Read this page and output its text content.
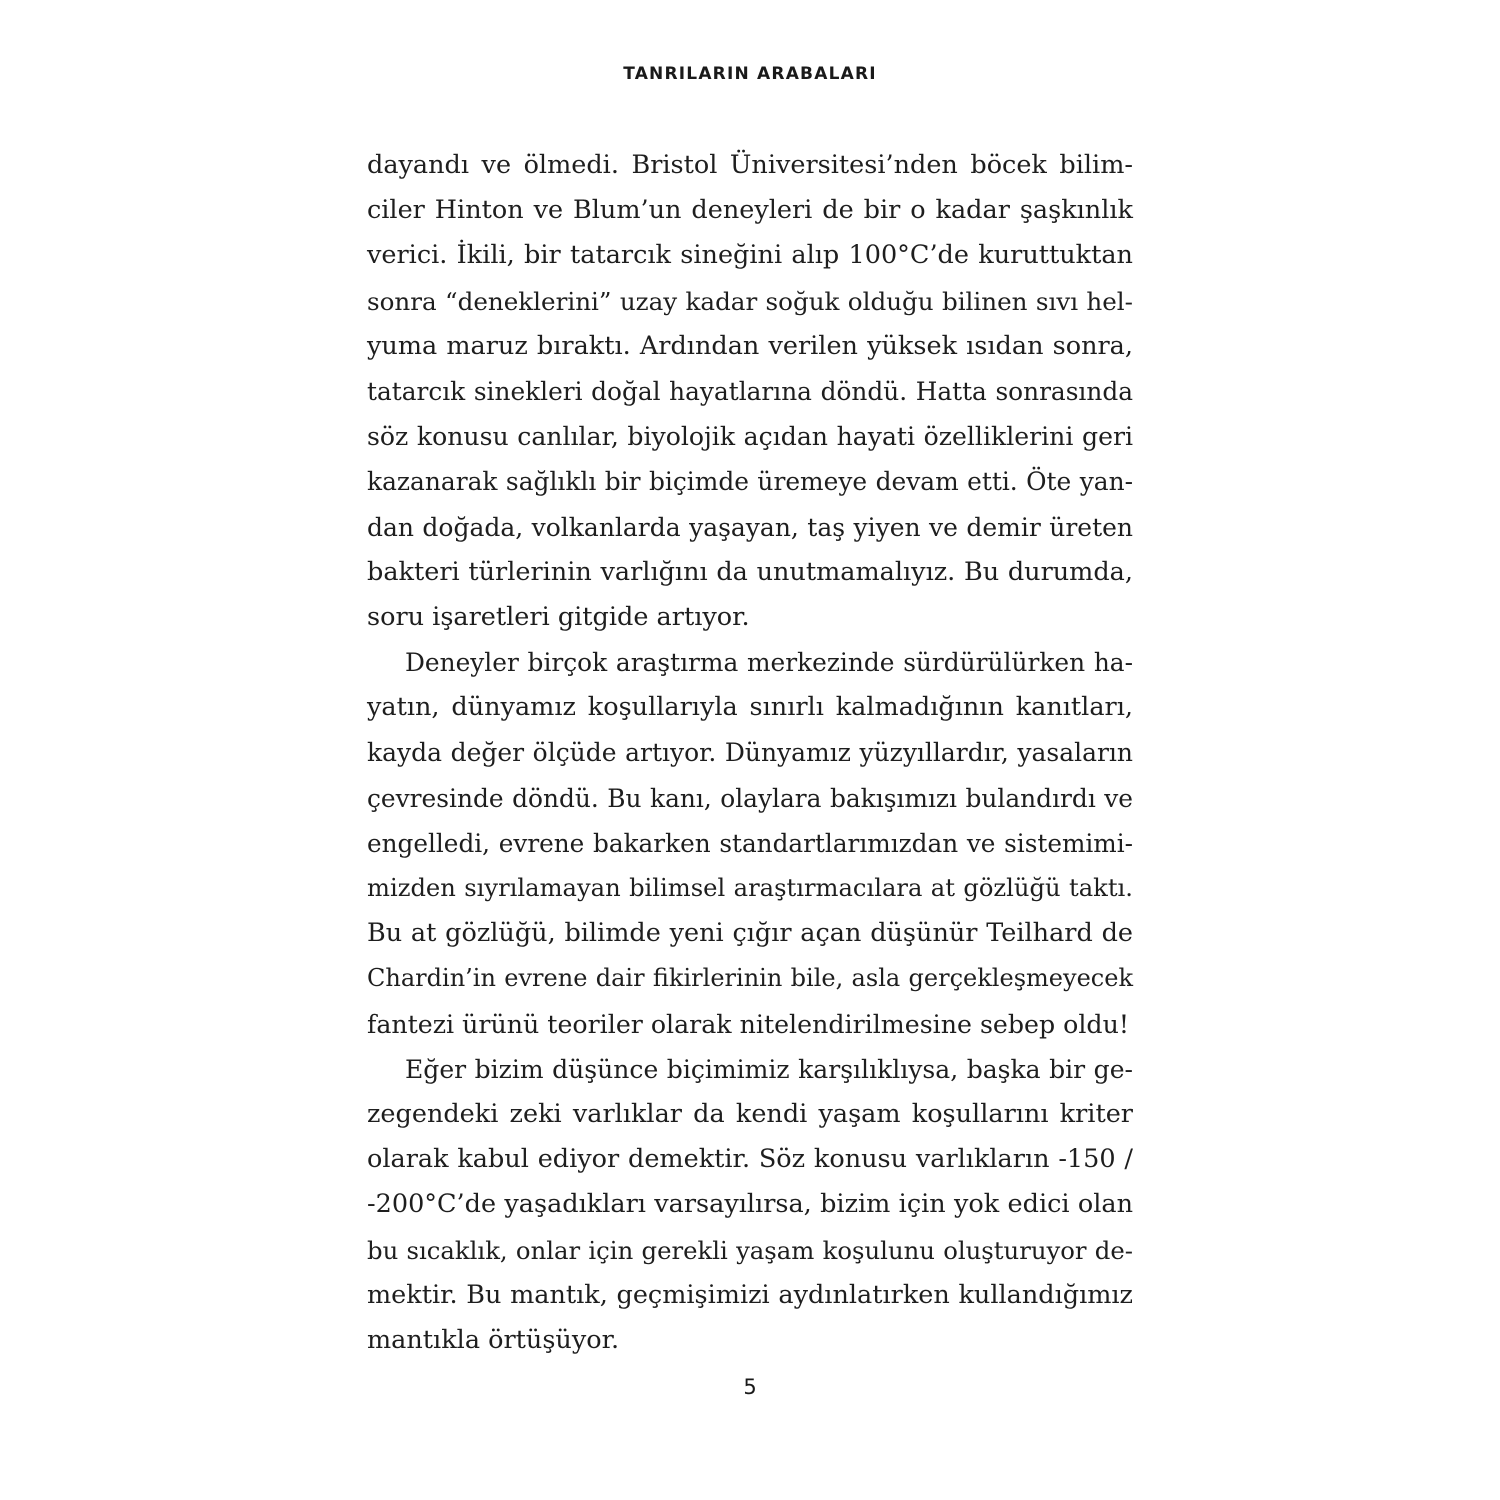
TANRILARIN ARABALARI
dayandı ve ölmedi. Bristol Üniversitesi’nden böcek bilim-
ciler Hinton ve Blum’un deneyleri de bir o kadar şaşkınlık
verici. İkili, bir tatarcık sineğini alıp 100°C’de kuruttuktan
sonra “deneklerini” uzay kadar soğuk olduğu bilinen sıvı hel-
yuma maruz bıraktı. Ardından verilen yüksek ısıdan sonra,
tatarcık sinekleri doğal hayatlarına döndü. Hatta sonrasında
söz konusu canlılar, biyolojik açıdan hayati özelliklerini geri
kazanarak sağlıklı bir biçimde üremeye devam etti. Öte yan-
dan doğada, volkanlarda yaşayan, taş yiyen ve demir üreten
bakteri türlerinin varlığını da unutmamalıyız. Bu durumda,
soru işaretleri gitgide artıyor.
Deneyler birçok araştırma merkezinde sürdürülürken ha-
yatın, dünyamız koşullarıyla sınırlı kalmadığının kanıtları,
kayda değer ölçüde artıyor. Dünyamız yüzyıllardır, yasaların
çevresinde döndü. Bu kanı, olaylara bakışımızı bulandırdı ve
engelledi, evrene bakarken standartlarımızdan ve sistemimi-
mizden sıyrılamayan bilimsel araştırmacılara at gözlüğü taktı.
Bu at gözlüğü, bilimde yeni çığır açan düşünür Teilhard de
Chardin’in evrene dair fikirlerinin bile, asla gerçekleşmeyecek
fantezi ürünü teoriler olarak nitelendirilmesine sebep oldu!
Eğer bizim düşünce biçimimiz karşılıklıysa, başka bir ge-
zegendeki zeki varlıklar da kendi yaşam koşullarını kriter
olarak kabul ediyor demektir. Söz konusu varlıkların -150 /
-200°C’de yaşadıkları varsayılırsa, bizim için yok edici olan
bu sıcaklık, onlar için gerekli yaşam koşulunu oluşturuyor de-
mektir. Bu mantık, geçmişimizi aydınlatırken kullandığımız
mantıkla örtüşüyor.
5
